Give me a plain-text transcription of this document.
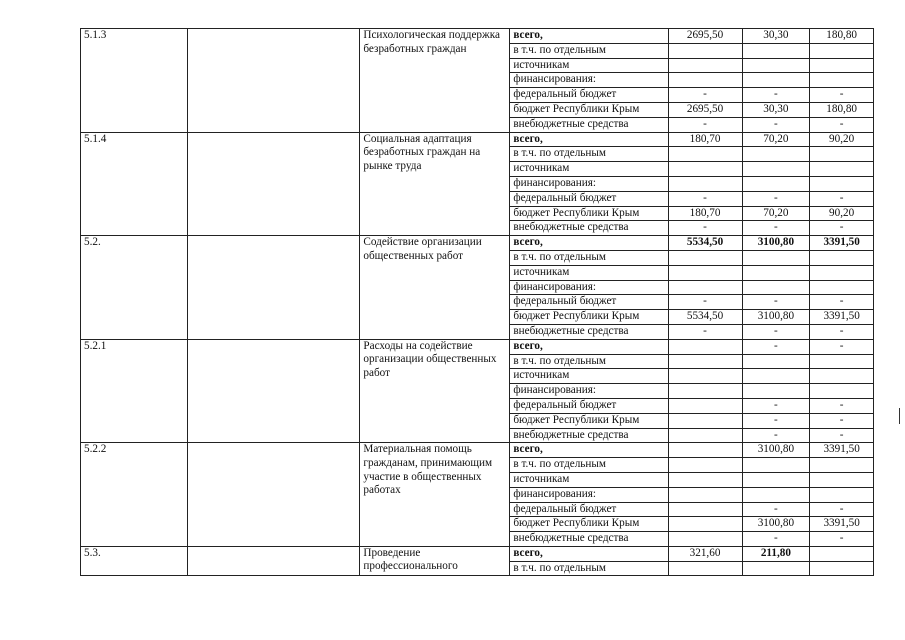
5.1.3		Психологическая поддержка безработных граждан	всего,	2695,50	30,30	180,80
			в т.ч. по отдельным			
			источникам			
			финансирования:			
			федеральный бюджет	-	-	-
			бюджет Республики Крым	2695,50	30,30	180,80
			внебюджетные средства	-	-	-
5.1.4		Социальная адаптация безработных граждан на рынке труда	всего,	180,70	70,20	90,20
			в т.ч. по отдельным			
			источникам			
			финансирования:			
			федеральный бюджет	-	-	-
			бюджет Республики Крым	180,70	70,20	90,20
			внебюджетные средства	-	-	-
5.2.		Содействие организации общественных работ	всего,	5534,50	3100,80	3391,50
			в т.ч. по отдельным			
			источникам			
			финансирования:			
			федеральный бюджет	-	-	-
			бюджет Республики Крым	5534,50	3100,80	3391,50
			внебюджетные средства	-	-	-
5.2.1		Расходы на содействие организации общественных работ	всего,		-	-
			в т.ч. по отдельным			
			источникам			
			финансирования:			
			федеральный бюджет		-	-
			бюджет Республики Крым		-	-
			внебюджетные средства		-	-
5.2.2		Материальная помощь гражданам, принимающим участие в общественных работах	всего,		3100,80	3391,50
			в т.ч. по отдельным			
			источникам			
			финансирования:			
			федеральный бюджет		-	-
			бюджет Республики Крым		3100,80	3391,50
			внебюджетные средства		-	-
5.3.		Проведение профессионального	всего,	321,60	211,80	
			в т.ч. по отдельным			
